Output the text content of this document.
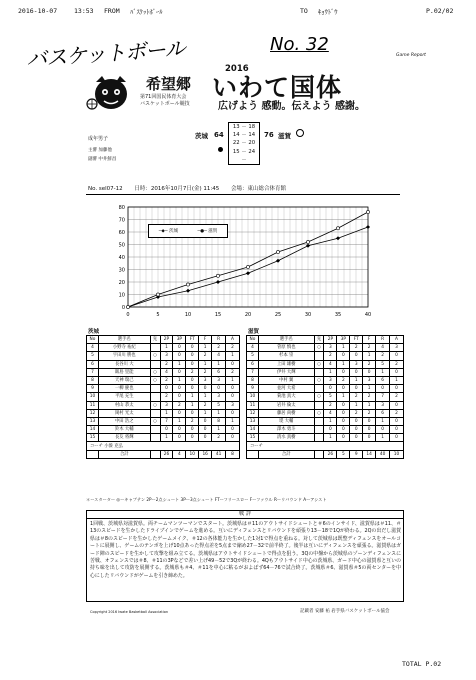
2016-10-07	13:53 FROM ﾊﾞｽｹｯﾄﾎﾞｰﾙ	TO ｷｮｳﾄﾞｳ	P.02/02
バスケットボール	No. 32
Game Report
2016
希望郷 いわて国体
第71回国民体育大会
バスケットボール競技	広げよう 感動。伝えよう 感謝。
成年男子
主審 加藤他
副審 中井鮮昌
茨城 64
13 － 18
14 － 14
22 － 20
15 － 24
－
76 滋賀
No. sel07-12 日時：2016年10月7日(金) 11:45 会場：東山総合体育館
0
10
20
30
40
50
60
70
80
0	5	10	15	20	25	30	35	40
─◆─ 茨城	─●─ 滋賀
茨城
No	選手名	先	2P	3P	FT	F	R	A
4	小野寺 祐紀		1	0	0	1	2	2
5	宇田川 勝也	○	3	0	0	2	4	1
6	長谷川 大		2	1	0	1	1	0
7	飯島 里能	○	4	0	2	2	6	2
8	天神 瑞己	○	2	1	0	3	3	1
9	一柳 慶也		0	0	0	0	0	0
10	平尾 充生		2	0	1	1	3	0
11	村山 恭太	○	3	2	1	2	5	3
12	岡村 光太		1	0	0	1	1	0
13	中田 浩之	○	7	1	2	0	8	1
14	鈴木 大輔		0	0	0	0	1	0
15	長友 将輝		1	0	0	0	2	0
コーチ 小湊 克弘								
	合計		26	4	10	16	41	8
滋賀
No	選手名	先	2P	3P	FT	F	R	A
4	菅原 慎也	○	3	1	2	2	4	3
5	杉本 崇		2	0	0	1	2	0
6	上田 雄樹	○	4	1	3	2	5	2
7	伊井 大輝		1	0	0	0	1	0
8	中村 翼	○	3	2	1	3	6	1
9	並河 大希		0	0	0	1	0	0
10	菊池 真大	○	5	1	2	2	7	2
11	岩井 倫太		2	0	1	1	3	0
12	藤居 尚樹	○	4	0	2	2	6	2
13	堤 大輔		1	0	0	0	1	0
14	澤木 勇斗		0	0	0	0	0	0
15	清水 真樹		1	0	0	0	1	0
コーチ								
	合計		26	5	9	14	40	10
＊ースターター ◎ーキャプテン 2Pー2点シュート 3Pー3点シュート FTーフリースロー Fーファウル Rーリバウンド Aーアシスト
戦 評
1回戦、茨城県対滋賀県。両チームマンツーマンでスタート。茨城県は＃11のアウトサイドシュートと＃6のインサイド、滋賀県は＃11、＃13のスピードを生かしたドライブインでゲームを進める。互いにディフェンスとリバウンドを頑張り13－18で1Qが終わる。2Qの出だし滋賀県は＃8のスピードを生かしたゲームメイク、＃12の各体能力を生かした1対1で得点を重ねる。対して茨城県は既整ディフェンスをオールコートに展開し、ゲームのテンポを上げ10点あった得点差を5点まで縮め27－32で前半終了。後半は互いにディフェンスを頑張る。滋賀県はガード陣のスピードを生かして攻撃を組み立てる。茨城県はアウトサイドシュートで得点を狙う。3Qの中盤から茨城県のゾーンディフェンスに苦戦、オフェンスでは＃8、＃11の3Pなどで差い上げ49－52で3Qが終わる。4Qもアウトサイド中心の茨城県、ガード中心の滋賀県と互いの持ち味を出して攻防を展開する。茨城県も＃4、＃11を中心に粘るがおよばず64－76で試合終了。茨城県＃6、滋賀県＃5の両センターを中心にしたリバウンドがゲームを引き締めた。
Copyright 2016 Iwate Basketball Association	記載者 安藤 祐 岩手県バスケットボール協会
TOTAL P.02
